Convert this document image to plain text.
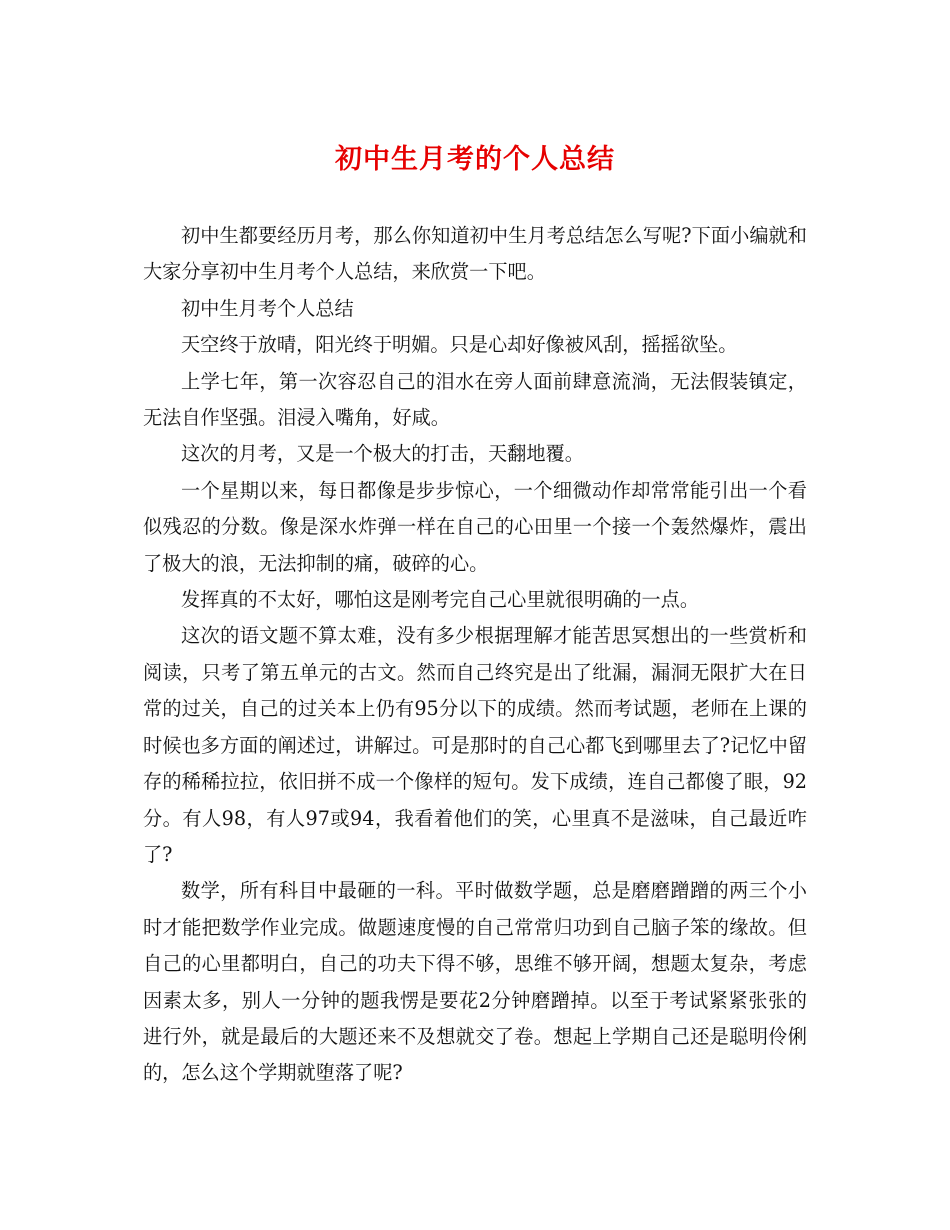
初中生月考的个人总结

初中生都要经历月考，那么你知道初中生月考总结怎么写呢?下面小编就和大家分享初中生月考个人总结，来欣赏一下吧。

初中生月考个人总结

天空终于放晴，阳光终于明媚。只是心却好像被风刮，摇摇欲坠。

上学七年，第一次容忍自己的泪水在旁人面前肆意流淌，无法假装镇定，无法自作坚强。泪浸入嘴角，好咸。

这次的月考，又是一个极大的打击，天翻地覆。

一个星期以来，每日都像是步步惊心，一个细微动作却常常能引出一个看似残忍的分数。像是深水炸弹一样在自己的心田里一个接一个轰然爆炸，震出了极大的浪，无法抑制的痛，破碎的心。

发挥真的不太好，哪怕这是刚考完自己心里就很明确的一点。

这次的语文题不算太难，没有多少根据理解才能苦思冥想出的一些赏析和阅读，只考了第五单元的古文。然而自己终究是出了纰漏，漏洞无限扩大在日常的过关，自己的过关本上仍有95分以下的成绩。然而考试题，老师在上课的时候也多方面的阐述过，讲解过。可是那时的自己心都飞到哪里去了?记忆中留存的稀稀拉拉，依旧拼不成一个像样的短句。发下成绩，连自己都傻了眼，92分。有人98，有人97或94，我看着他们的笑，心里真不是滋味，自己最近咋了?

数学，所有科目中最砸的一科。平时做数学题，总是磨磨蹭蹭的两三个小时才能把数学作业完成。做题速度慢的自己常常归功到自己脑子笨的缘故。但自己的心里都明白，自己的功夫下得不够，思维不够开阔，想题太复杂，考虑因素太多，别人一分钟的题我愣是要花2分钟磨蹭掉。以至于考试紧紧张张的进行外，就是最后的大题还来不及想就交了卷。想起上学期自己还是聪明伶俐的，怎么这个学期就堕落了呢?
